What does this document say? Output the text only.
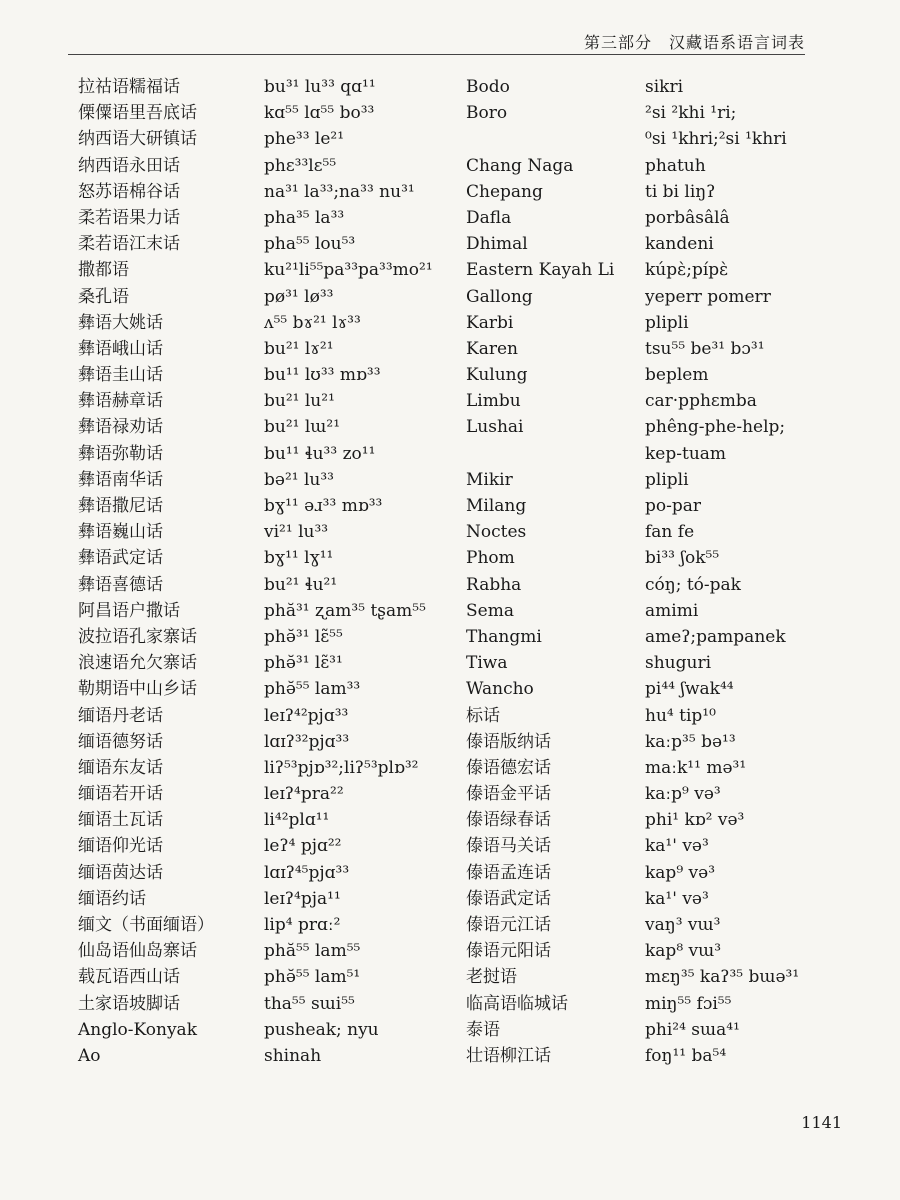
第三部分　汉藏语系语言词表
拉祜语糯福话
傈僳语里吾底话
纳西语大研镇话
纳西语永田话
怒苏语棉谷话
柔若语果力话
柔若语江末话
撒都语
桑孔语
彝语大姚话
彝语峨山话
彝语圭山话
彝语赫章话
彝语禄劝话
彝语弥勒话
彝语南华话
彝语撒尼话
彝语巍山话
彝语武定话
彝语喜德话
阿昌语户撒话
波拉语孔家寨话
浪速语允欠寨话
勒期语中山乡话
缅语丹老话
缅语德努话
缅语东友话
缅语若开话
缅语土瓦话
缅语仰光话
缅语茵达话
缅语约话
缅文（书面缅语）
仙岛语仙岛寨话
载瓦语西山话
土家语坡脚话
Anglo-Konyak
Ao
bu³¹ lu³³ qɑ¹¹
kɑ⁵⁵ lɑ⁵⁵ bo³³
phe³³ le²¹
phɛ³³lɛ⁵⁵
na³¹ la³³;na³³ nu³¹
pha³⁵ la³³
pha⁵⁵ lou⁵³
ku²¹li⁵⁵pa³³pa³³mo²¹
pø³¹ lø³³
ʌ⁵⁵ bɤ²¹ lɤ³³
bu²¹ lɤ²¹
bu¹¹ lʊ³³ mɒ³³
bu²¹ lu²¹
bu²¹ lɯ²¹
bu¹¹ ɬu³³ zo¹¹
bə²¹ lu³³
bɣ¹¹ əɹ³³ mɒ³³
vi²¹ lu³³
bɣ¹¹ lɣ¹¹
bu²¹ ɬu²¹
phă³¹ ʐam³⁵ tʂam⁵⁵
phə̆³¹ lɛ̃⁵⁵
phə̆³¹ lɛ̃³¹
phə̆⁵⁵ lam³³
leɪʔ⁴²pjɑ³³
lɑɪʔ³²pjɑ³³
liʔ⁵³pjɒ³²;liʔ⁵³plɒ³²
leɪʔ⁴pra²²
li⁴²plɑ¹¹
leʔ⁴ pjɑ²²
lɑɪʔ⁴⁵pjɑ³³
leɪʔ⁴pja¹¹
lip⁴ prɑː²
phă⁵⁵ lam⁵⁵
phə̆⁵⁵ lam⁵¹
tha⁵⁵ sɯi⁵⁵
pusheak; nyu
shinah
Bodo
Boro
Chang Naga
Chepang
Dafla
Dhimal
Eastern Kayah Li
Gallong
Karbi
Karen
Kulung
Limbu
Lushai
Mikir
Milang
Noctes
Phom
Rabha
Sema
Thangmi
Tiwa
Wancho
标话
傣语版纳话
傣语德宏话
傣语金平话
傣语绿春话
傣语马关话
傣语孟连话
傣语武定话
傣语元江话
傣语元阳话
老挝语
临高语临城话
泰语
壮语柳江话
sikri
²si ²khi ¹ri;
⁰si ¹khri;²si ¹khri
phatuh
ti bi liŋʔ
porbâsâlâ
kandeni
kúpὲ;pípὲ
yeperr pomerr
plipli
tsu⁵⁵ be³¹ bɔ³¹
beplem
car·pphɛmba
phêng-phe-help;
kep-tuam
plipli
po-par
fan fe
bi³³ ʃok⁵⁵
cóŋ; tó-pak
amimi
ameʔ;pampanek
shuguri
pi⁴⁴ ʃwak⁴⁴
hu⁴ tip¹⁰
kaːp³⁵ bə¹³
maːk¹¹ mə³¹
kaːp⁹ və³
phi¹ kɒ² və³
ka¹' və³
kap⁹ və³
ka¹' və³
vaŋ³ vɯ³
kap⁸ vɯ³
mɛŋ³⁵ kaʔ³⁵ bɯə³¹
miŋ⁵⁵ fɔi⁵⁵
phi²⁴ sɯa⁴¹
foŋ¹¹ ba⁵⁴
1141
